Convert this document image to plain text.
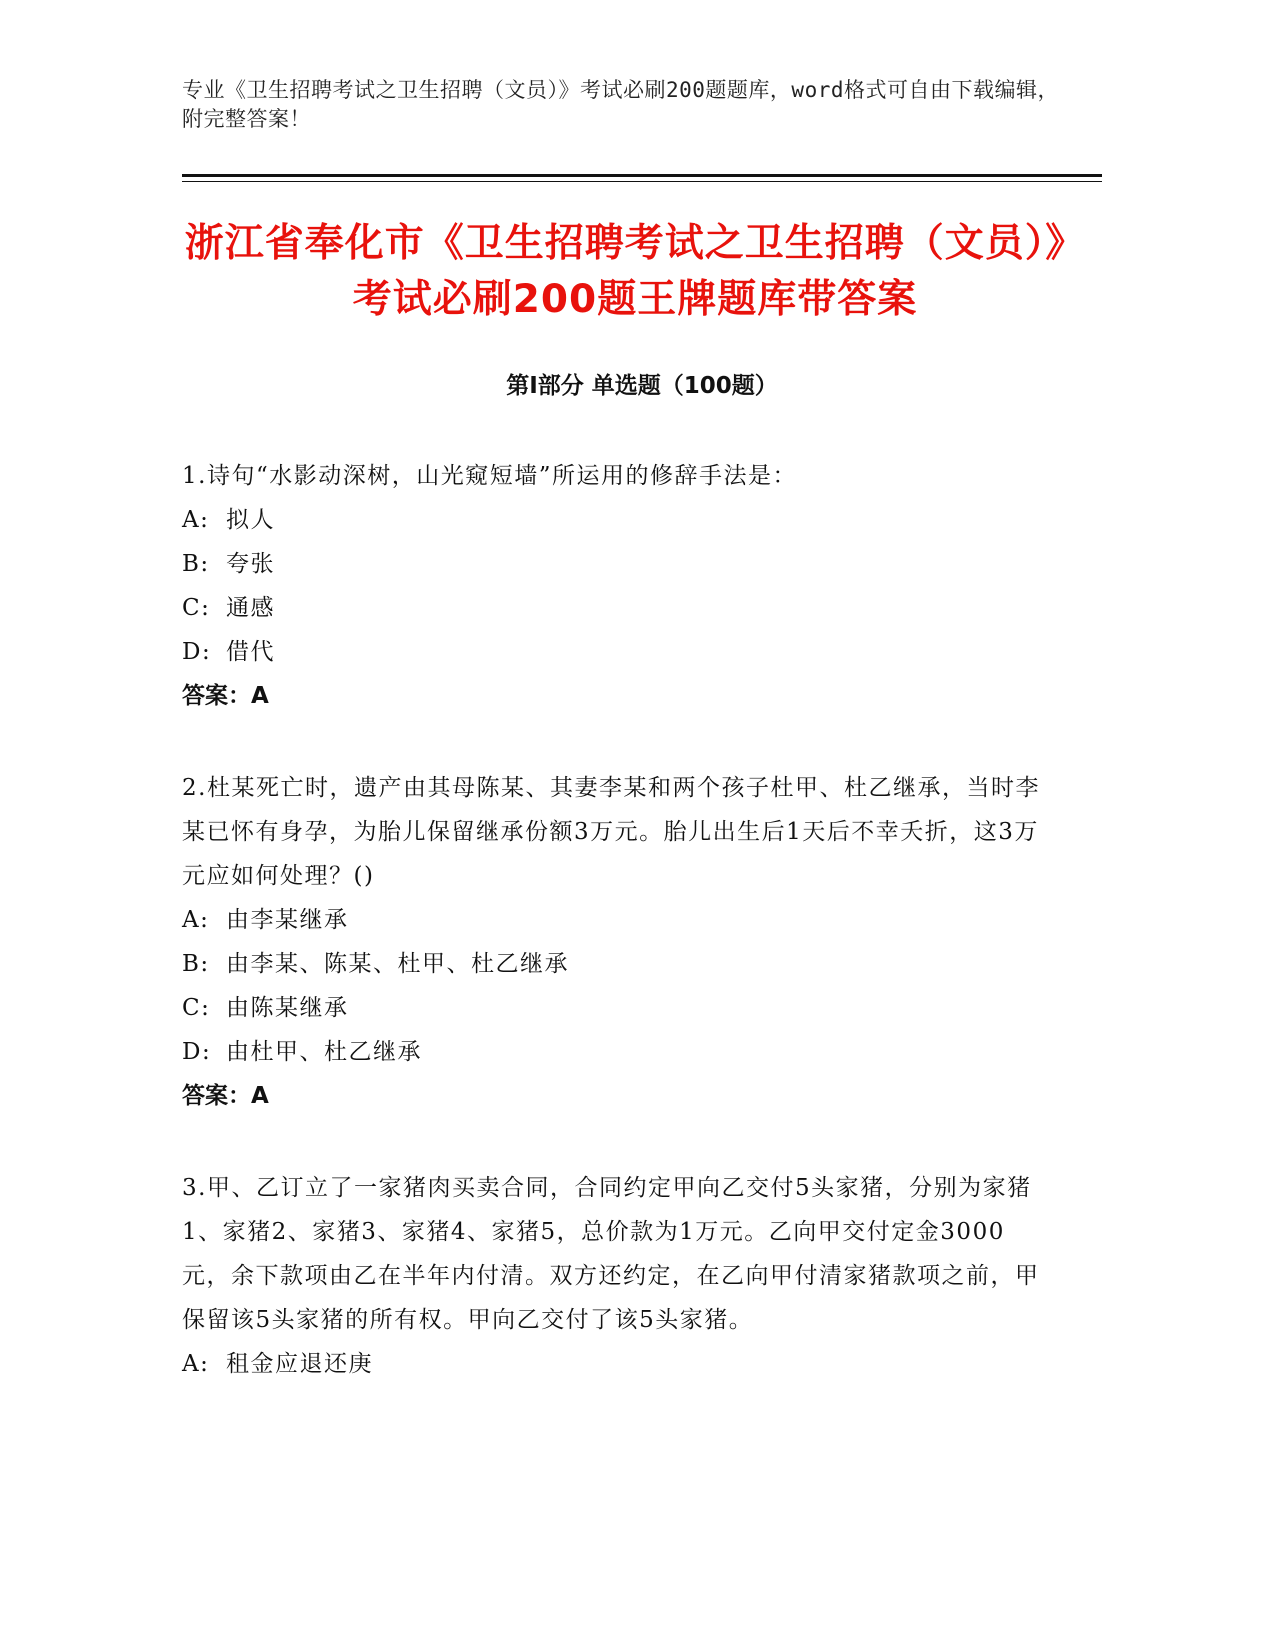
专业《卫生招聘考试之卫生招聘（文员）》考试必刷200题题库，word格式可自由下载编辑，附完整答案！
浙江省奉化市《卫生招聘考试之卫生招聘（文员）》考试必刷200题王牌题库带答案
第Ⅰ部分 单选题（100题）
1.诗句“水影动深树，山光窥短墙”所运用的修辞手法是：
A: 拟人
B: 夸张
C: 通感
D: 借代
答案：A
2.杜某死亡时，遗产由其母陈某、其妻李某和两个孩子杜甲、杜乙继承，当时李某已怀有身孕，为胎儿保留继承份额3万元。胎儿出生后1天后不幸夭折，这3万元应如何处理？()
A: 由李某继承
B: 由李某、陈某、杜甲、杜乙继承
C: 由陈某继承
D: 由杜甲、杜乙继承
答案：A
3.甲、乙订立了一家猪肉买卖合同，合同约定甲向乙交付5头家猪，分别为家猪1、家猪2、家猪3、家猪4、家猪5，总价款为1万元。乙向甲交付定金3000元，余下款项由乙在半年内付清。双方还约定，在乙向甲付清家猪款项之前，甲保留该5头家猪的所有权。甲向乙交付了该5头家猪。
A: 租金应退还庚
